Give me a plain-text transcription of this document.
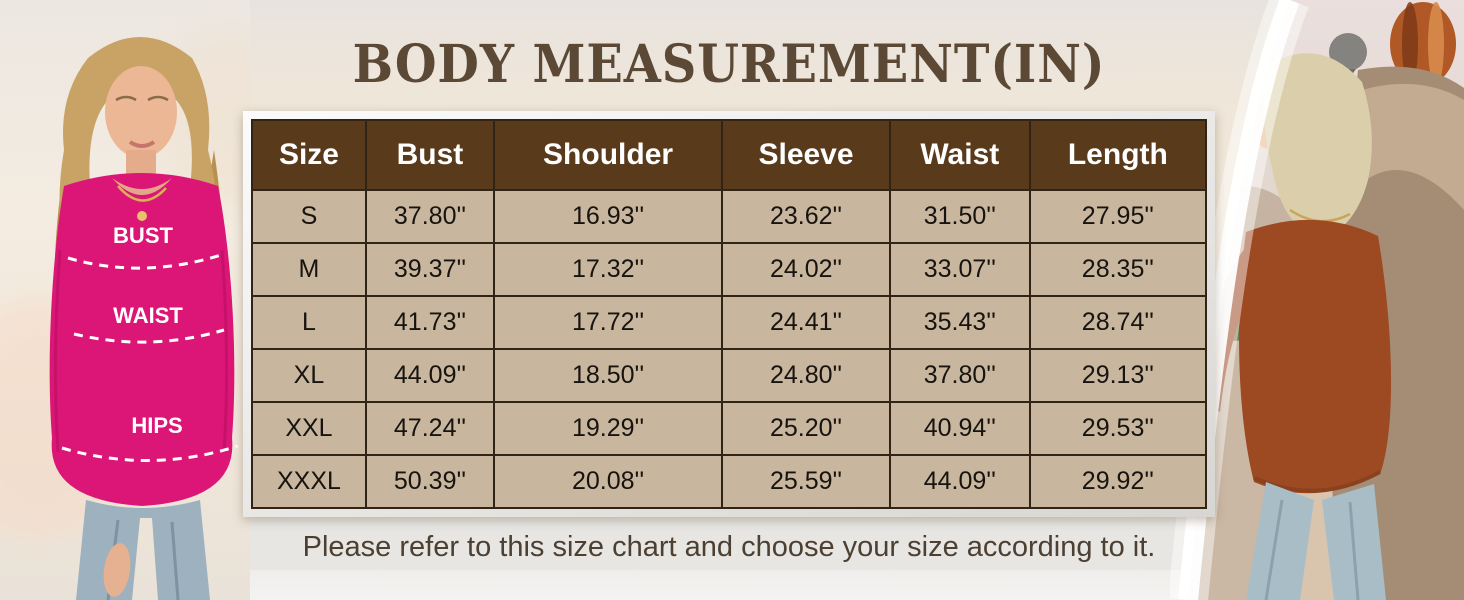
BUST
WAIST
HIPS
BODY MEASUREMENT(IN)
Size	Bust	Shoulder	Sleeve	Waist	Length
S	37.80''	16.93''	23.62''	31.50''	27.95''
M	39.37''	17.32''	24.02''	33.07''	28.35''
L	41.73''	17.72''	24.41''	35.43''	28.74''
XL	44.09''	18.50''	24.80''	37.80''	29.13''
XXL	47.24''	19.29''	25.20''	40.94''	29.53''
XXXL	50.39''	20.08''	25.59''	44.09''	29.92''
Please refer to this size chart and choose your size according to it.
